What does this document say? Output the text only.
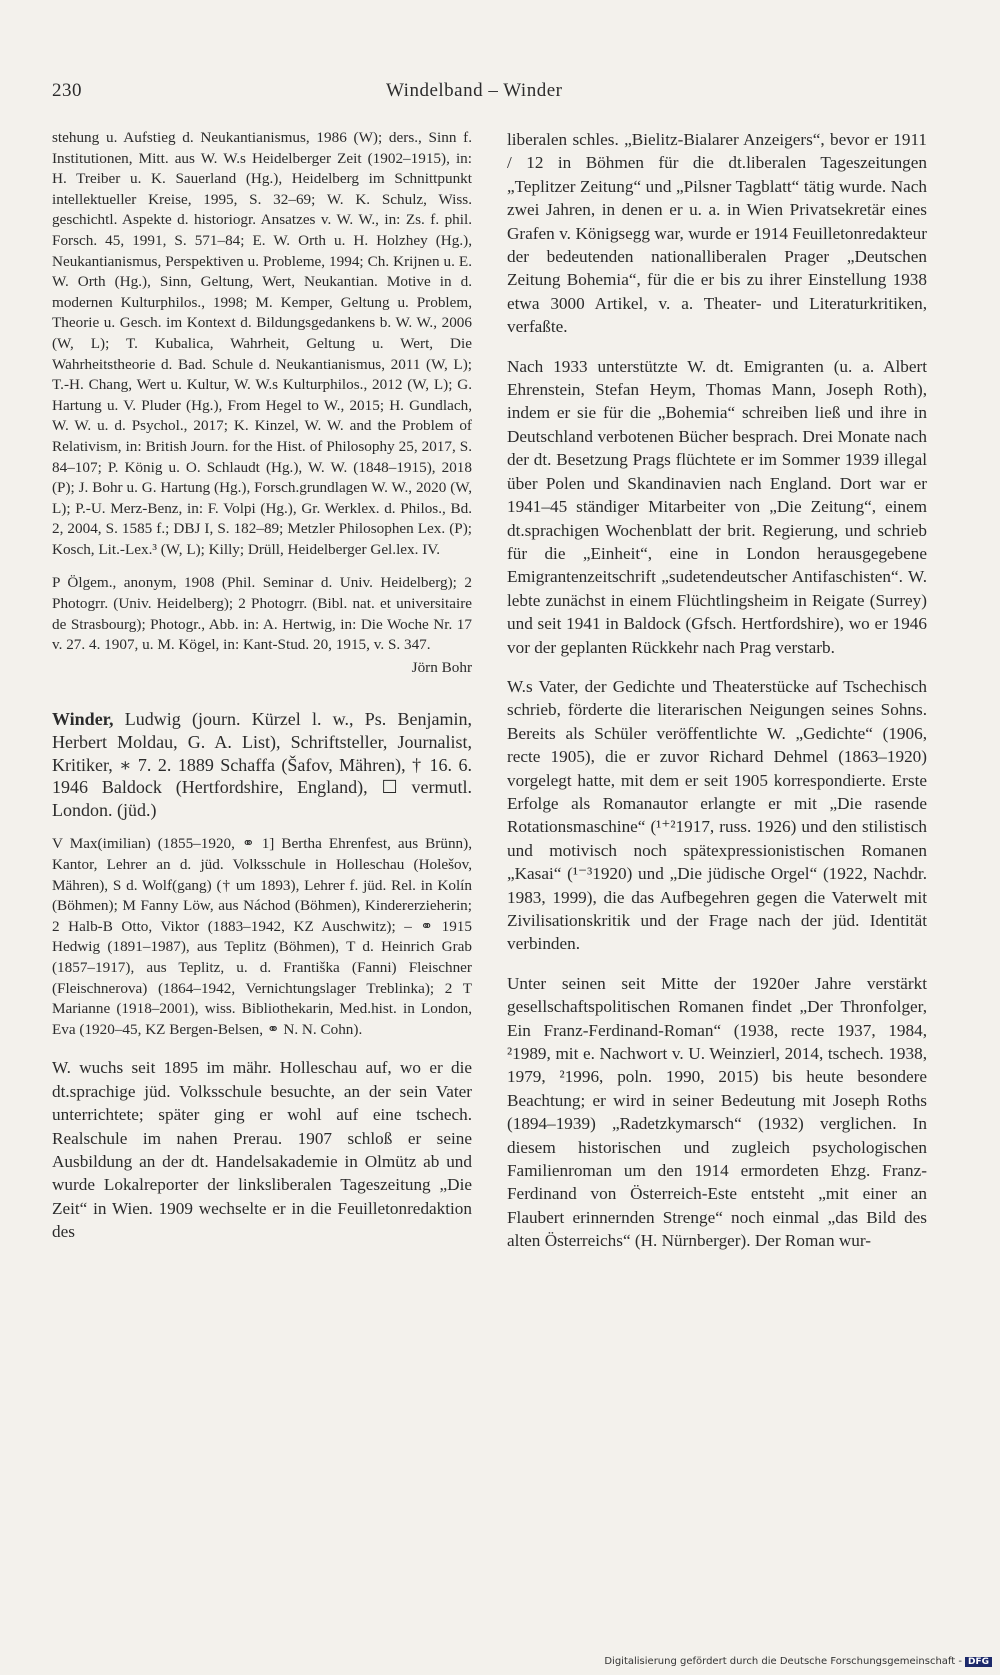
230	Windelband – Winder

stehung u. Aufstieg d. Neukantianismus, 1986 (W); ders., Sinn f. Institutionen, Mitt. aus W. W.s Heidelberger Zeit (1902–1915), in: H. Treiber u. K. Sauerland (Hg.), Heidelberg im Schnittpunkt intellektueller Kreise, 1995, S. 32–69; W. K. Schulz, Wiss. geschichtl. Aspekte d. historiogr. Ansatzes v. W. W., in: Zs. f. phil. Forsch. 45, 1991, S. 571–84; E. W. Orth u. H. Holzhey (Hg.), Neukantianismus, Perspektiven u. Probleme, 1994; Ch. Krijnen u. E. W. Orth (Hg.), Sinn, Geltung, Wert, Neukantian. Motive in d. modernen Kulturphilos., 1998; M. Kemper, Geltung u. Problem, Theorie u. Gesch. im Kontext d. Bildungsgedankens b. W. W., 2006 (W, L); T. Kubalica, Wahrheit, Geltung u. Wert, Die Wahrheitstheorie d. Bad. Schule d. Neukantianismus, 2011 (W, L); T.-H. Chang, Wert u. Kultur, W. W.s Kulturphilos., 2012 (W, L); G. Hartung u. V. Pluder (Hg.), From Hegel to W., 2015; H. Gundlach, W. W. u. d. Psychol., 2017; K. Kinzel, W. W. and the Problem of Relativism, in: British Journ. for the Hist. of Philosophy 25, 2017, S. 84–107; P. König u. O. Schlaudt (Hg.), W. W. (1848–1915), 2018 (P); J. Bohr u. G. Hartung (Hg.), Forsch.grundlagen W. W., 2020 (W, L); P.-U. Merz-Benz, in: F. Volpi (Hg.), Gr. Werklex. d. Philos., Bd. 2, 2004, S. 1585 f.; DBJ I, S. 182–89; Metzler Philosophen Lex. (P); Kosch, Lit.-Lex.³ (W, L); Killy; Drüll, Heidelberger Gel.lex. IV.

P Ölgem., anonym, 1908 (Phil. Seminar d. Univ. Heidelberg); 2 Photogrr. (Univ. Heidelberg); 2 Photogrr. (Bibl. nat. et universitaire de Strasbourg); Photogr., Abb. in: A. Hertwig, in: Die Woche Nr. 17 v. 27. 4. 1907, u. M. Kögel, in: Kant-Stud. 20, 1915, v. S. 347.

Jörn Bohr

Winder, Ludwig (journ. Kürzel l. w., Ps. Benjamin, Herbert Moldau, G. A. List), Schriftsteller, Journalist, Kritiker, ∗ 7. 2. 1889 Schaffa (Šafov, Mähren), † 16. 6. 1946 Baldock (Hertfordshire, England), ☐ vermutl. London. (jüd.)

V Max(imilian) (1855–1920, ⚭ 1] Bertha Ehrenfest, aus Brünn), Kantor, Lehrer an d. jüd. Volksschule in Holleschau (Holešov, Mähren), S d. Wolf(gang) († um 1893), Lehrer f. jüd. Rel. in Kolín (Böhmen); M Fanny Löw, aus Náchod (Böhmen), Kindererzieherin; 2 Halb-B Otto, Viktor (1883–1942, KZ Auschwitz); – ⚭ 1915 Hedwig (1891–1987), aus Teplitz (Böhmen), T d. Heinrich Grab (1857–1917), aus Teplitz, u. d. Františka (Fanni) Fleischner (Fleischnerova) (1864–1942, Vernichtungslager Treblinka); 2 T Marianne (1918–2001), wiss. Bibliothekarin, Med.hist. in London, Eva (1920–45, KZ Bergen-Belsen, ⚭ N. N. Cohn).

W. wuchs seit 1895 im mähr. Holleschau auf, wo er die dt.sprachige jüd. Volksschule besuchte, an der sein Vater unterrichtete; später ging er wohl auf eine tschech. Realschule im nahen Prerau. 1907 schloß er seine Ausbildung an der dt. Handelsakademie in Olmütz ab und wurde Lokalreporter der linksliberalen Tageszeitung „Die Zeit“ in Wien. 1909 wechselte er in die Feuilletonredaktion des

liberalen schles. „Bielitz-Bialarer Anzeigers“, bevor er 1911 / 12 in Böhmen für die dt.liberalen Tageszeitungen „Teplitzer Zeitung“ und „Pilsner Tagblatt“ tätig wurde. Nach zwei Jahren, in denen er u. a. in Wien Privatsekretär eines Grafen v. Königsegg war, wurde er 1914 Feuilletonredakteur der bedeutenden nationalliberalen Prager „Deutschen Zeitung Bohemia“, für die er bis zu ihrer Einstellung 1938 etwa 3000 Artikel, v. a. Theater- und Literaturkritiken, verfaßte.

Nach 1933 unterstützte W. dt. Emigranten (u. a. Albert Ehrenstein, Stefan Heym, Thomas Mann, Joseph Roth), indem er sie für die „Bohemia“ schreiben ließ und ihre in Deutschland verbotenen Bücher besprach. Drei Monate nach der dt. Besetzung Prags flüchtete er im Sommer 1939 illegal über Polen und Skandinavien nach England. Dort war er 1941–45 ständiger Mitarbeiter von „Die Zeitung“, einem dt.sprachigen Wochenblatt der brit. Regierung, und schrieb für die „Einheit“, eine in London herausgegebene Emigrantenzeitschrift „sudetendeutscher Antifaschisten“. W. lebte zunächst in einem Flüchtlingsheim in Reigate (Surrey) und seit 1941 in Baldock (Gfsch. Hertfordshire), wo er 1946 vor der geplanten Rückkehr nach Prag verstarb.

W.s Vater, der Gedichte und Theaterstücke auf Tschechisch schrieb, förderte die literarischen Neigungen seines Sohns. Bereits als Schüler veröffentlichte W. „Gedichte“ (1906, recte 1905), die er zuvor Richard Dehmel (1863–1920) vorgelegt hatte, mit dem er seit 1905 korrespondierte. Erste Erfolge als Romanautor erlangte er mit „Die rasende Rotationsmaschine“ (¹⁺²1917, russ. 1926) und den stilistisch und motivisch noch spätexpressionistischen Romanen „Kasai“ (¹⁻³1920) und „Die jüdische Orgel“ (1922, Nachdr. 1983, 1999), die das Aufbegehren gegen die Vaterwelt mit Zivilisationskritik und der Frage nach der jüd. Identität verbinden.

Unter seinen seit Mitte der 1920er Jahre verstärkt gesellschaftspolitischen Romanen findet „Der Thronfolger, Ein Franz-Ferdinand-Roman“ (1938, recte 1937, 1984, ²1989, mit e. Nachwort v. U. Weinzierl, 2014, tschech. 1938, 1979, ²1996, poln. 1990, 2015) bis heute besondere Beachtung; er wird in seiner Bedeutung mit Joseph Roths (1894–1939) „Radetzkymarsch“ (1932) verglichen. In diesem historischen und zugleich psychologischen Familienroman um den 1914 ermordeten Ehzg. Franz-Ferdinand von Österreich-Este entsteht „mit einer an Flaubert erinnernden Strenge“ noch einmal „das Bild des alten Österreichs“ (H. Nürnberger). Der Roman wur-

Digitalisierung gefördert durch die Deutsche Forschungsgemeinschaft - DFG
